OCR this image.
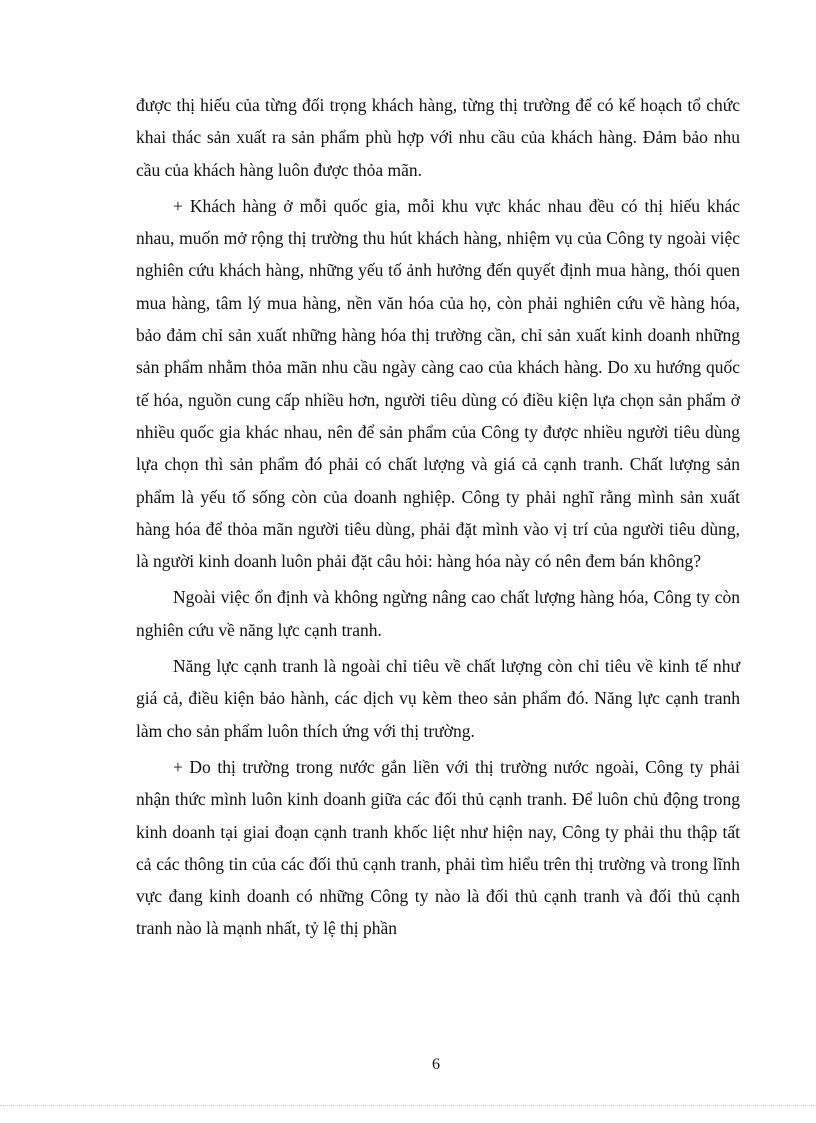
được thị hiếu của từng đối trọng khách hàng, từng thị trường để có kế hoạch tổ chức khai thác sản xuất ra sản phẩm phù hợp với nhu cầu của khách hàng. Đảm bảo nhu cầu của khách hàng luôn được thỏa mãn.

+ Khách hàng ở mỗi quốc gia, mỗi khu vực khác nhau đều có thị hiếu khác nhau, muốn mở rộng thị trường thu hút khách hàng, nhiệm vụ của Công ty ngoài việc nghiên cứu khách hàng, những yếu tố ảnh hưởng đến quyết định mua hàng, thói quen mua hàng, tâm lý mua hàng, nền văn hóa của họ, còn phải nghiên cứu về hàng hóa, bảo đảm chỉ sản xuất những hàng hóa thị trường cần, chỉ sản xuất kinh doanh những sản phẩm nhằm thỏa mãn nhu cầu ngày càng cao của khách hàng. Do xu hướng quốc tế hóa, nguồn cung cấp nhiều hơn, người tiêu dùng có điều kiện lựa chọn sản phẩm ở nhiều quốc gia khác nhau, nên để sản phẩm của Công ty được nhiều người tiêu dùng lựa chọn thì sản phẩm đó phải có chất lượng và giá cả cạnh tranh. Chất lượng sản phẩm là yếu tố sống còn của doanh nghiệp. Công ty phải nghĩ rằng mình sản xuất hàng hóa để thỏa mãn người tiêu dùng, phải đặt mình vào vị trí của người tiêu dùng, là người kinh doanh luôn phải đặt câu hỏi: hàng hóa này có nên đem bán không?

Ngoài việc ổn định và không ngừng nâng cao chất lượng hàng hóa, Công ty còn nghiên cứu về năng lực cạnh tranh.

Năng lực cạnh tranh là ngoài chỉ tiêu về chất lượng còn chỉ tiêu về kinh tế như giá cả, điều kiện bảo hành, các dịch vụ kèm theo sản phẩm đó. Năng lực cạnh tranh làm cho sản phẩm luôn thích ứng với thị trường.

+ Do thị trường trong nước gắn liền với thị trường nước ngoài, Công ty phải nhận thức mình luôn kinh doanh giữa các đối thủ cạnh tranh. Để luôn chủ động trong kinh doanh tại giai đoạn cạnh tranh khốc liệt như hiện nay, Công ty phải thu thập tất cả các thông tin của các đối thủ cạnh tranh, phải tìm hiểu trên thị trường và trong lĩnh vực đang kinh doanh có những Công ty nào là đối thủ cạnh tranh và đối thủ cạnh tranh nào là mạnh nhất, tỷ lệ thị phần

6
